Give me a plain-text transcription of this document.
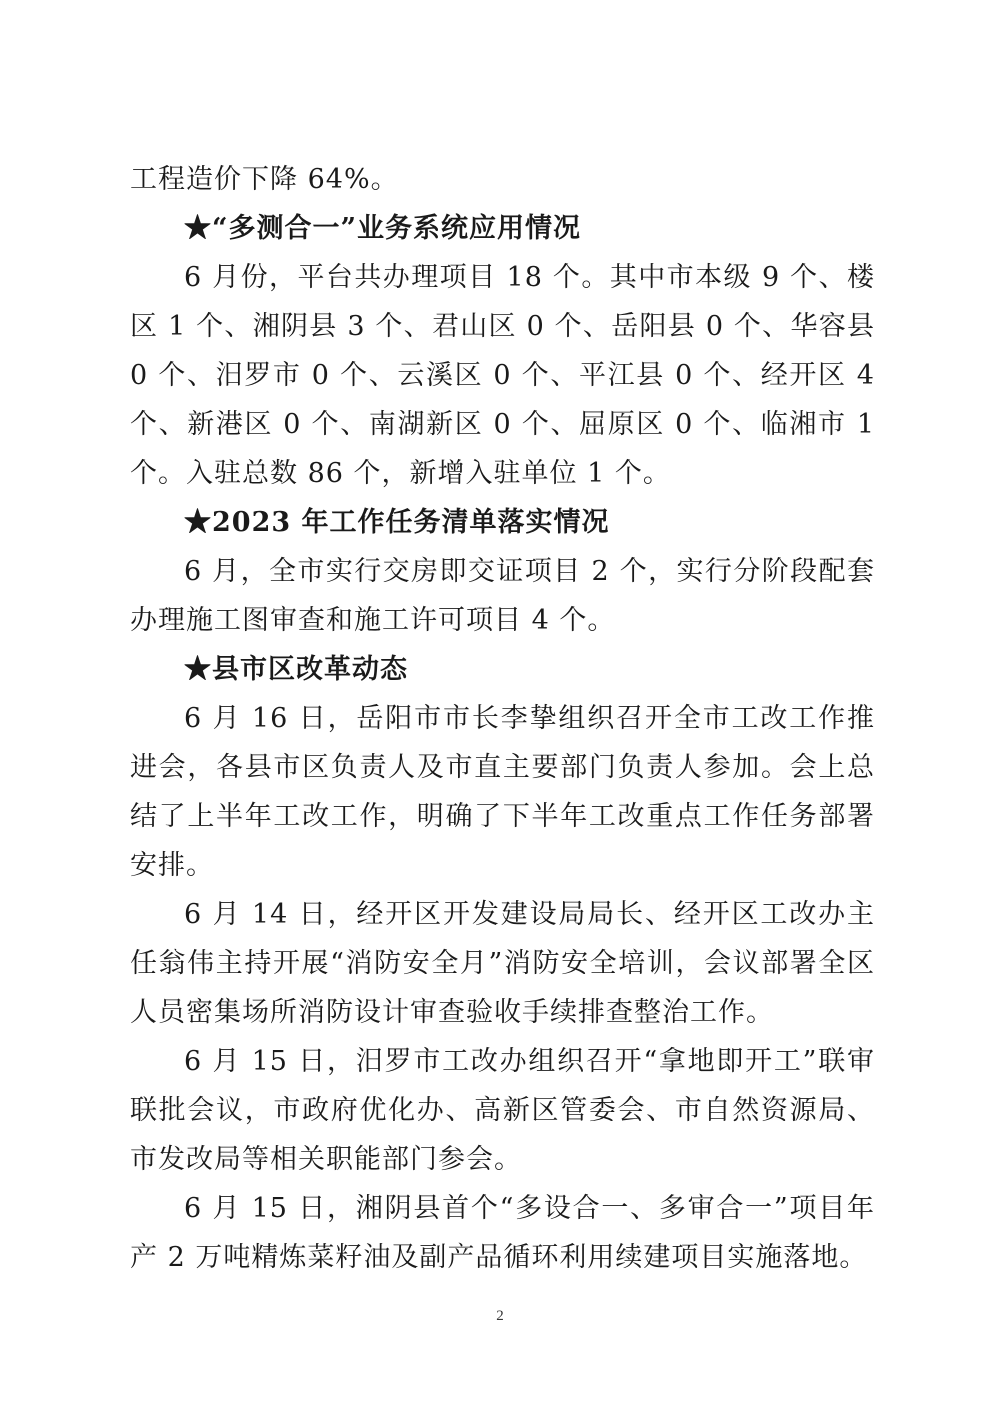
工程造价下降 64%。

★“多测合一”业务系统应用情况

6 月份，平台共办理项目 18 个。其中市本级 9 个、楼区 1 个、湘阴县 3 个、君山区 0 个、岳阳县 0 个、华容县 0 个、汨罗市 0 个、云溪区 0 个、平江县 0 个、经开区 4 个、新港区 0 个、南湖新区 0 个、屈原区 0 个、临湘市 1 个。入驻总数 86 个，新增入驻单位 1 个。

★2023 年工作任务清单落实情况

6 月，全市实行交房即交证项目 2 个，实行分阶段配套办理施工图审查和施工许可项目 4 个。

★县市区改革动态

6 月 16 日，岳阳市市长李挚组织召开全市工改工作推进会，各县市区负责人及市直主要部门负责人参加。会上总结了上半年工改工作，明确了下半年工改重点工作任务部署安排。

6 月 14 日，经开区开发建设局局长、经开区工改办主任翁伟主持开展“消防安全月”消防安全培训，会议部署全区人员密集场所消防设计审查验收手续排查整治工作。

6 月 15 日，汨罗市工改办组织召开“拿地即开工”联审联批会议，市政府优化办、高新区管委会、市自然资源局、市发改局等相关职能部门参会。

6 月 15 日，湘阴县首个“多设合一、多审合一”项目年产 2 万吨精炼菜籽油及副产品循环利用续建项目实施落地。

2
